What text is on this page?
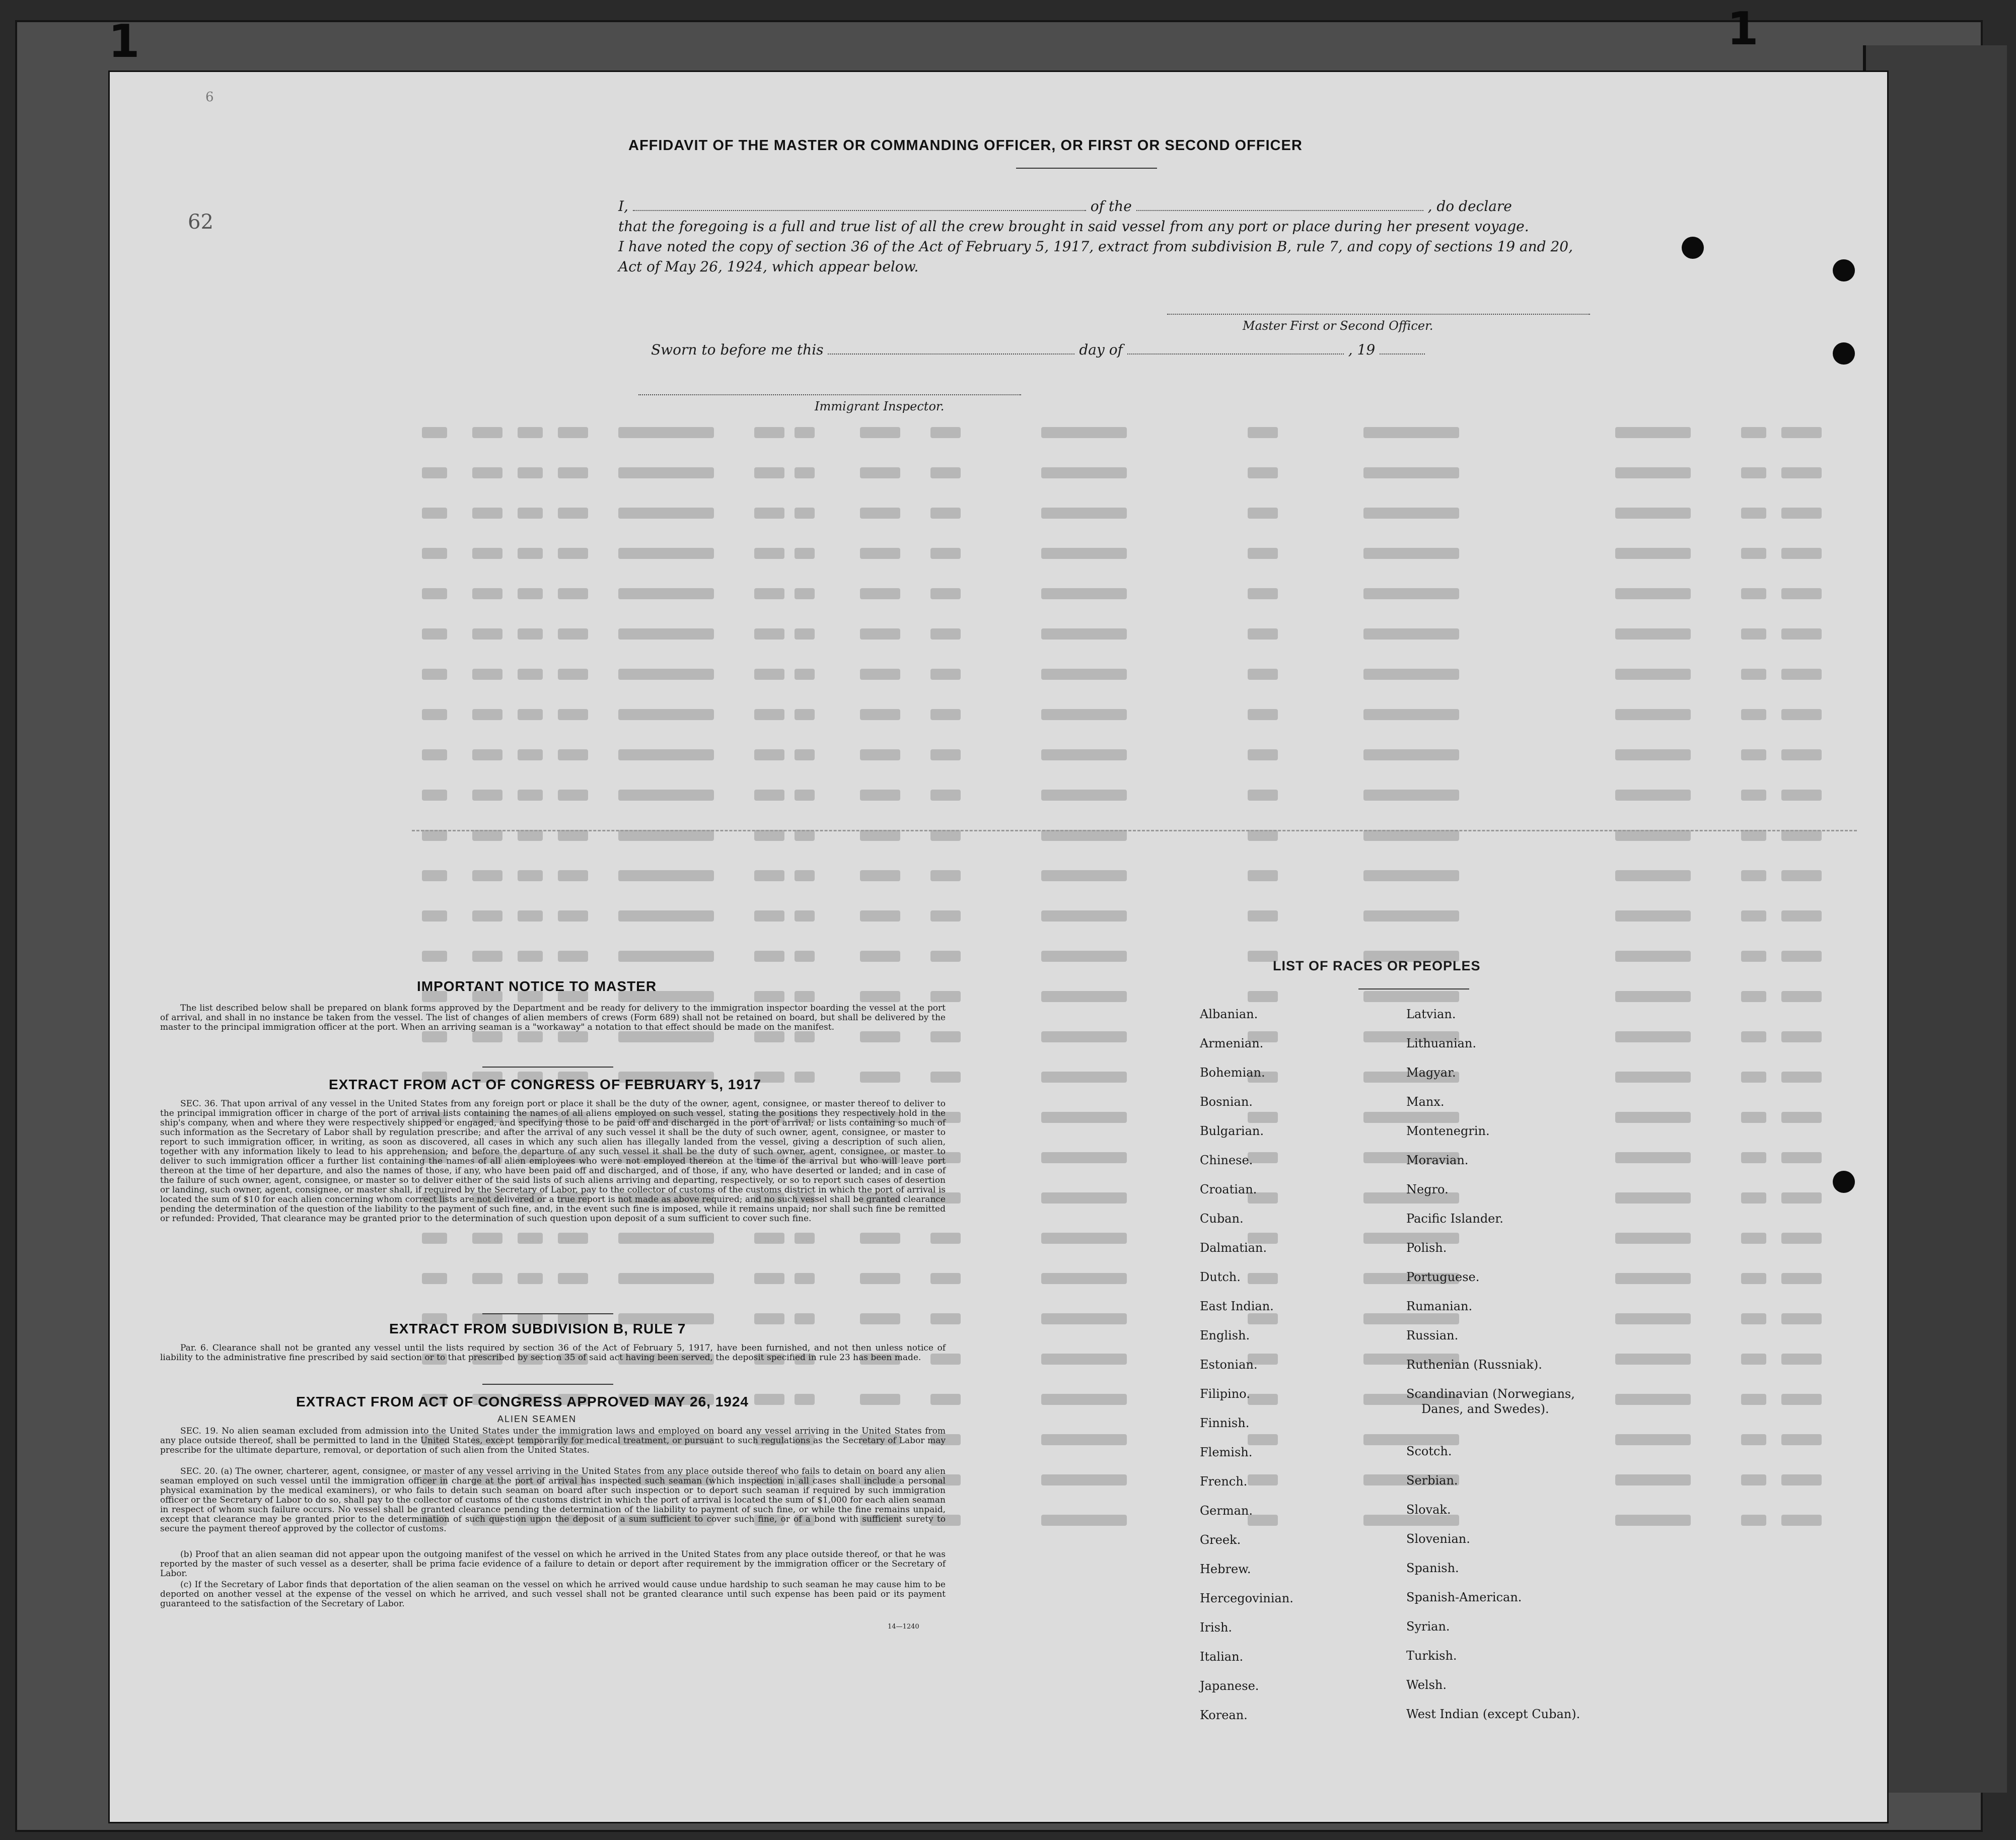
1	1
6
62
AFFIDAVIT OF THE MASTER OR COMMANDING OFFICER, OR FIRST OR SECOND OFFICER
I,	of the	, do declare
that the foregoing is a full and true list of all the crew brought in said vessel from any port or place during her present voyage.
I have noted the copy of section 36 of the Act of February 5, 1917, extract from subdivision B, rule 7, and copy of sections 19 and 20,
Act of May 26, 1924, which appear below.
Master First or Second Officer.
Sworn to before me this	day of	, 19
Immigrant Inspector.
IMPORTANT NOTICE TO MASTER
The list described below shall be prepared on blank forms approved by the Department and be ready for delivery to the immigration inspector boarding the vessel at the port of arrival, and shall in no instance be taken from the vessel. The list of changes of alien members of crews (Form 689) shall not be retained on board, but shall be delivered by the master to the principal immigration officer at the port. When an arriving seaman is a "workaway" a notation to that effect should be made on the manifest.
EXTRACT FROM ACT OF CONGRESS OF FEBRUARY 5, 1917
SEC. 36. That upon arrival of any vessel in the United States from any foreign port or place it shall be the duty of the owner, agent, consignee, or master thereof to deliver to the principal immigration officer in charge of the port of arrival lists containing the names of all aliens employed on such vessel, stating the positions they respectively hold in the ship's company, when and where they were respectively shipped or engaged, and specifying those to be paid off and discharged in the port of arrival; or lists containing so much of such information as the Secretary of Labor shall by regulation prescribe; and after the arrival of any such vessel it shall be the duty of such owner, agent, consignee, or master to report to such immigration officer, in writing, as soon as discovered, all cases in which any such alien has illegally landed from the vessel, giving a description of such alien, together with any information likely to lead to his apprehension; and before the departure of any such vessel it shall be the duty of such owner, agent, consignee, or master to deliver to such immigration officer a further list containing the names of all alien employees who were not employed thereon at the time of the arrival but who will leave port thereon at the time of her departure, and also the names of those, if any, who have been paid off and discharged, and of those, if any, who have deserted or landed; and in case of the failure of such owner, agent, consignee, or master so to deliver either of the said lists of such aliens arriving and departing, respectively, or so to report such cases of desertion or landing, such owner, agent, consignee, or master shall, if required by the Secretary of Labor, pay to the collector of customs of the customs district in which the port of arrival is located the sum of $10 for each alien concerning whom correct lists are not delivered or a true report is not made as above required; and no such vessel shall be granted clearance pending the determination of the question of the liability to the payment of such fine, and, in the event such fine is imposed, while it remains unpaid; nor shall such fine be remitted or refunded: Provided, That clearance may be granted prior to the determination of such question upon deposit of a sum sufficient to cover such fine.
EXTRACT FROM SUBDIVISION B, RULE 7
Par. 6. Clearance shall not be granted any vessel until the lists required by section 36 of the Act of February 5, 1917, have been furnished, and not then unless notice of liability to the administrative fine prescribed by said section or to that prescribed by section 35 of said act having been served, the deposit specified in rule 23 has been made.
EXTRACT FROM ACT OF CONGRESS APPROVED MAY 26, 1924
ALIEN SEAMEN
SEC. 19. No alien seaman excluded from admission into the United States under the immigration laws and employed on board any vessel arriving in the United States from any place outside thereof, shall be permitted to land in the United States, except temporarily for medical treatment, or pursuant to such regulations as the Secretary of Labor may prescribe for the ultimate departure, removal, or deportation of such alien from the United States.
SEC. 20. (a) The owner, charterer, agent, consignee, or master of any vessel arriving in the United States from any place outside thereof who fails to detain on board any alien seaman employed on such vessel until the immigration officer in charge at the port of arrival has inspected such seaman (which inspection in all cases shall include a personal physical examination by the medical examiners), or who fails to detain such seaman on board after such inspection or to deport such seaman if required by such immigration officer or the Secretary of Labor to do so, shall pay to the collector of customs of the customs district in which the port of arrival is located the sum of $1,000 for each alien seaman in respect of whom such failure occurs. No vessel shall be granted clearance pending the determination of the liability to payment of such fine, or while the fine remains unpaid, except that clearance may be granted prior to the determination of such question upon the deposit of a sum sufficient to cover such fine, or of a bond with sufficient surety to secure the payment thereof approved by the collector of customs.
(b) Proof that an alien seaman did not appear upon the outgoing manifest of the vessel on which he arrived in the United States from any place outside thereof, or that he was reported by the master of such vessel as a deserter, shall be prima facie evidence of a failure to detain or deport after requirement by the immigration officer or the Secretary of Labor.
(c) If the Secretary of Labor finds that deportation of the alien seaman on the vessel on which he arrived would cause undue hardship to such seaman he may cause him to be deported on another vessel at the expense of the vessel on which he arrived, and such vessel shall not be granted clearance until such expense has been paid or its payment guaranteed to the satisfaction of the Secretary of Labor.
14—1240
LIST OF RACES OR PEOPLES
Albanian.
Armenian.
Bohemian.
Bosnian.
Bulgarian.
Chinese.
Croatian.
Cuban.
Dalmatian.
Dutch.
East Indian.
English.
Estonian.
Filipino.
Finnish.
Flemish.
French.
German.
Greek.
Hebrew.
Hercegovinian.
Irish.
Italian.
Japanese.
Korean.
Latvian.
Lithuanian.
Magyar.
Manx.
Montenegrin.
Moravian.
Negro.
Pacific Islander.
Polish.
Portuguese.
Rumanian.
Russian.
Ruthenian (Russniak).
Scandinavian (Norwegians,
Danes, and Swedes).
Scotch.
Serbian.
Slovak.
Slovenian.
Spanish.
Spanish-American.
Syrian.
Turkish.
Welsh.
West Indian (except Cuban).
